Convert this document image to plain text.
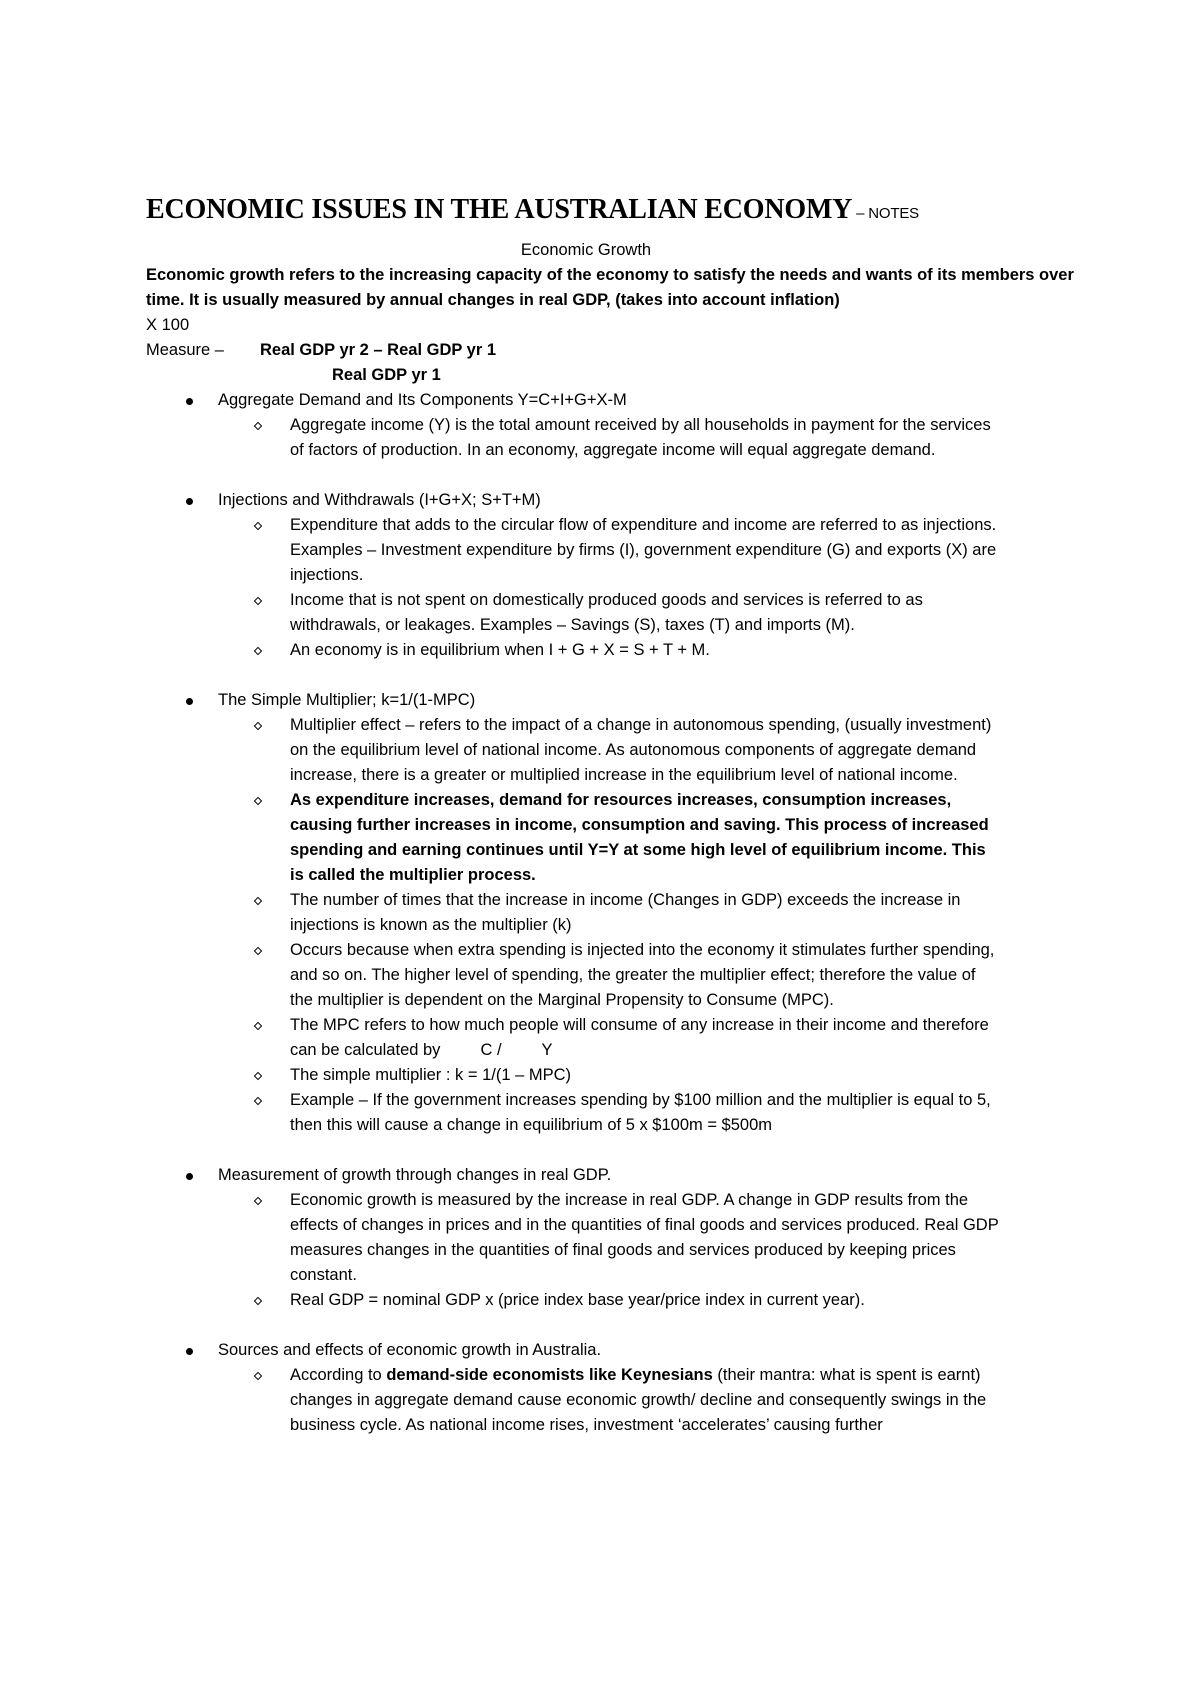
ECONOMIC ISSUES IN THE AUSTRALIAN ECONOMY – NOTES

Economic Growth

Economic growth refers to the increasing capacity of the economy to satisfy the needs and wants of its members over time. It is usually measured by annual changes in real GDP, (takes into account inflation)

X 100

Measure – Real GDP yr 2 – Real GDP yr 1

Real GDP yr 1

Aggregate Demand and Its Components Y=C+I+G+X-M
Aggregate income (Y) is the total amount received by all households in payment for the services of factors of production. In an economy, aggregate income will equal aggregate demand.
Injections and Withdrawals (I+G+X; S+T+M)
Expenditure that adds to the circular flow of expenditure and income are referred to as injections. Examples – Investment expenditure by firms (I), government expenditure (G) and exports (X) are injections.
Income that is not spent on domestically produced goods and services is referred to as withdrawals, or leakages. Examples – Savings (S), taxes (T) and imports (M).
An economy is in equilibrium when I + G + X = S + T + M.
The Simple Multiplier; k=1/(1-MPC)
Multiplier effect – refers to the impact of a change in autonomous spending, (usually investment) on the equilibrium level of national income. As autonomous components of aggregate demand increase, there is a greater or multiplied increase in the equilibrium level of national income.
As expenditure increases, demand for resources increases, consumption increases, causing further increases in income, consumption and saving. This process of increased spending and earning continues until Y=Y at some high level of equilibrium income. This is called the multiplier process.
The number of times that the increase in income (Changes in GDP) exceeds the increase in injections is known as the multiplier (k)
Occurs because when extra spending is injected into the economy it stimulates further spending, and so on. The higher level of spending, the greater the multiplier effect; therefore the value of the multiplier is dependent on the Marginal Propensity to Consume (MPC).
The MPC refers to how much people will consume of any increase in their income and therefore can be calculated by C / Y
The simple multiplier : k = 1/(1 – MPC)
Example – If the government increases spending by $100 million and the multiplier is equal to 5, then this will cause a change in equilibrium of 5 x $100m = $500m
Measurement of growth through changes in real GDP.
Economic growth is measured by the increase in real GDP. A change in GDP results from the effects of changes in prices and in the quantities of final goods and services produced. Real GDP measures changes in the quantities of final goods and services produced by keeping prices constant.
Real GDP = nominal GDP x (price index base year/price index in current year).
Sources and effects of economic growth in Australia.
According to demand-side economists like Keynesians (their mantra: what is spent is earnt) changes in aggregate demand cause economic growth/ decline and consequently swings in the business cycle. As national income rises, investment ‘accelerates’ causing further
